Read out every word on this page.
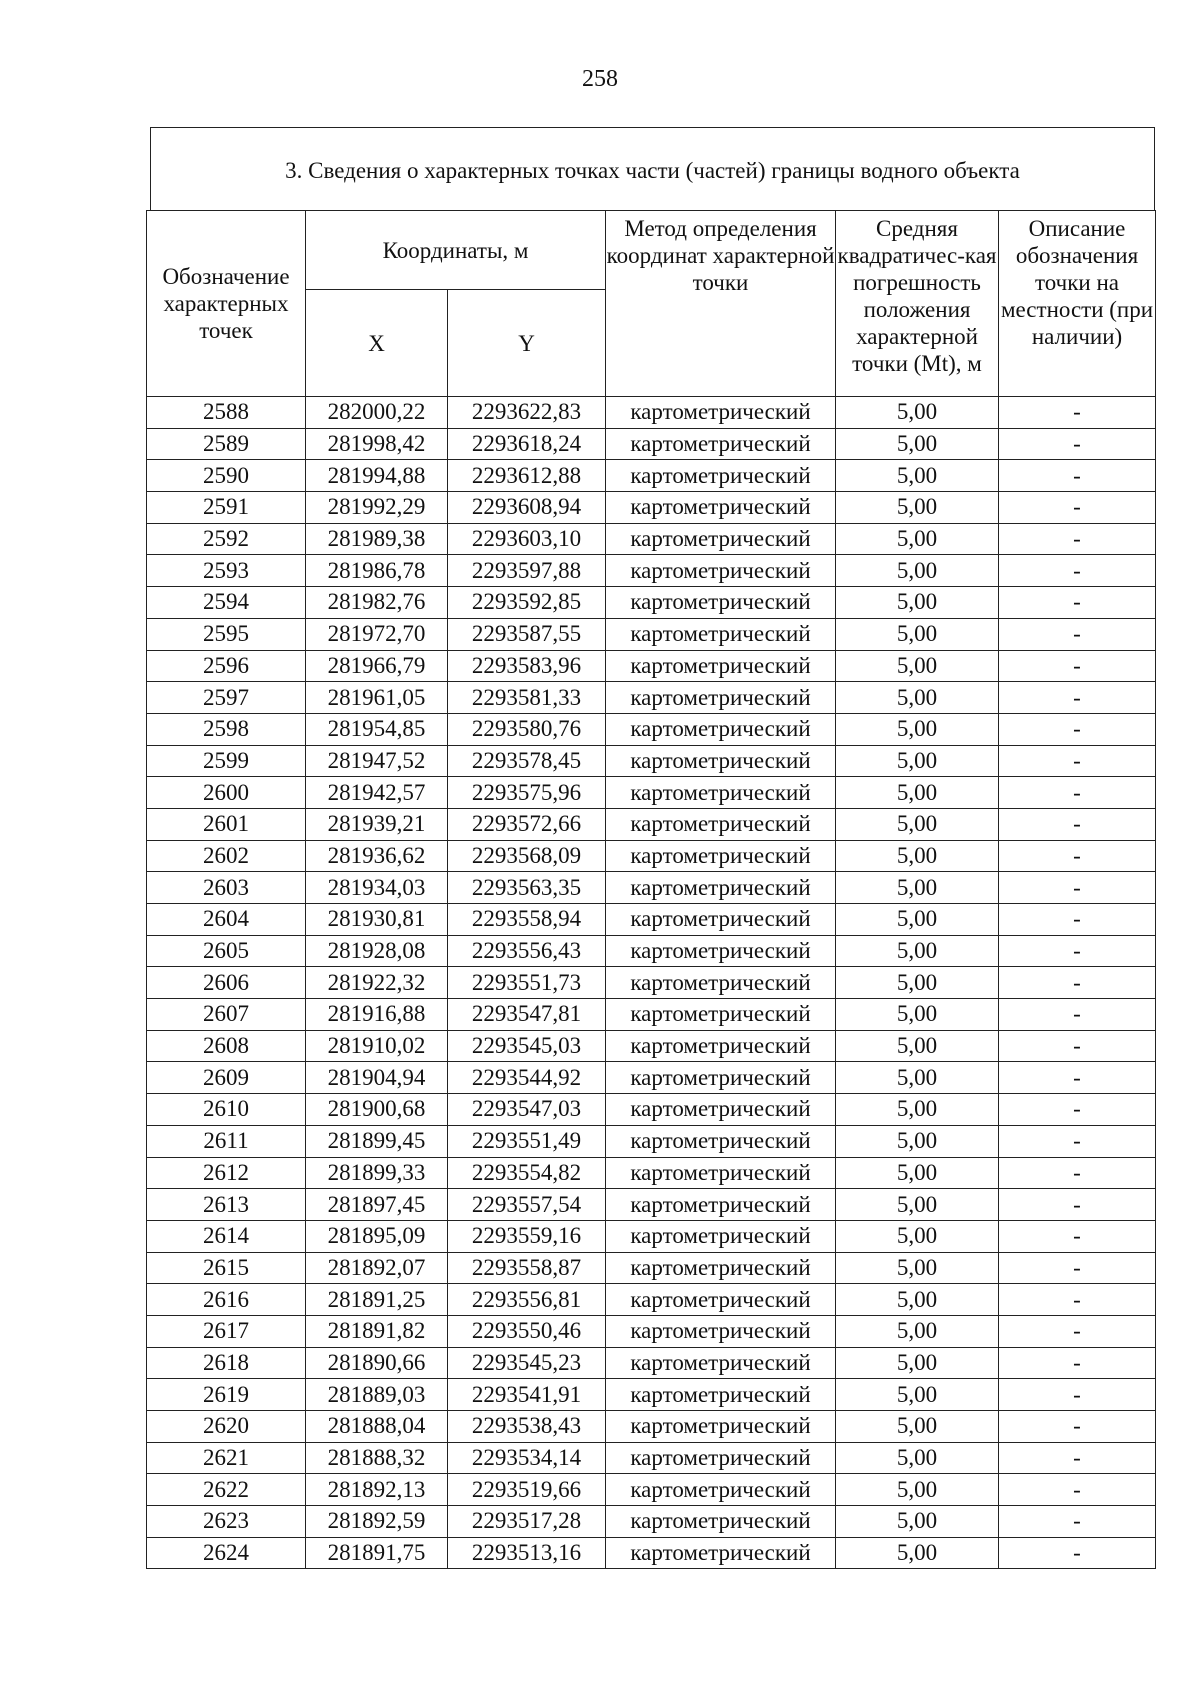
258
3. Сведения о характерных точках части (частей) границы водного объекта
Обозначение характерных точек	Координаты, м		Метод определения координат характерной точки	Средняя квадратичес-кая погрешность положения характерной точки (Mt), м	Описание обозначения точки на местности (при наличии)
	X	Y			
2588	282000,22	2293622,83	картометрический	5,00	-
2589	281998,42	2293618,24	картометрический	5,00	-
2590	281994,88	2293612,88	картометрический	5,00	-
2591	281992,29	2293608,94	картометрический	5,00	-
2592	281989,38	2293603,10	картометрический	5,00	-
2593	281986,78	2293597,88	картометрический	5,00	-
2594	281982,76	2293592,85	картометрический	5,00	-
2595	281972,70	2293587,55	картометрический	5,00	-
2596	281966,79	2293583,96	картометрический	5,00	-
2597	281961,05	2293581,33	картометрический	5,00	-
2598	281954,85	2293580,76	картометрический	5,00	-
2599	281947,52	2293578,45	картометрический	5,00	-
2600	281942,57	2293575,96	картометрический	5,00	-
2601	281939,21	2293572,66	картометрический	5,00	-
2602	281936,62	2293568,09	картометрический	5,00	-
2603	281934,03	2293563,35	картометрический	5,00	-
2604	281930,81	2293558,94	картометрический	5,00	-
2605	281928,08	2293556,43	картометрический	5,00	-
2606	281922,32	2293551,73	картометрический	5,00	-
2607	281916,88	2293547,81	картометрический	5,00	-
2608	281910,02	2293545,03	картометрический	5,00	-
2609	281904,94	2293544,92	картометрический	5,00	-
2610	281900,68	2293547,03	картометрический	5,00	-
2611	281899,45	2293551,49	картометрический	5,00	-
2612	281899,33	2293554,82	картометрический	5,00	-
2613	281897,45	2293557,54	картометрический	5,00	-
2614	281895,09	2293559,16	картометрический	5,00	-
2615	281892,07	2293558,87	картометрический	5,00	-
2616	281891,25	2293556,81	картометрический	5,00	-
2617	281891,82	2293550,46	картометрический	5,00	-
2618	281890,66	2293545,23	картометрический	5,00	-
2619	281889,03	2293541,91	картометрический	5,00	-
2620	281888,04	2293538,43	картометрический	5,00	-
2621	281888,32	2293534,14	картометрический	5,00	-
2622	281892,13	2293519,66	картометрический	5,00	-
2623	281892,59	2293517,28	картометрический	5,00	-
2624	281891,75	2293513,16	картометрический	5,00	-
